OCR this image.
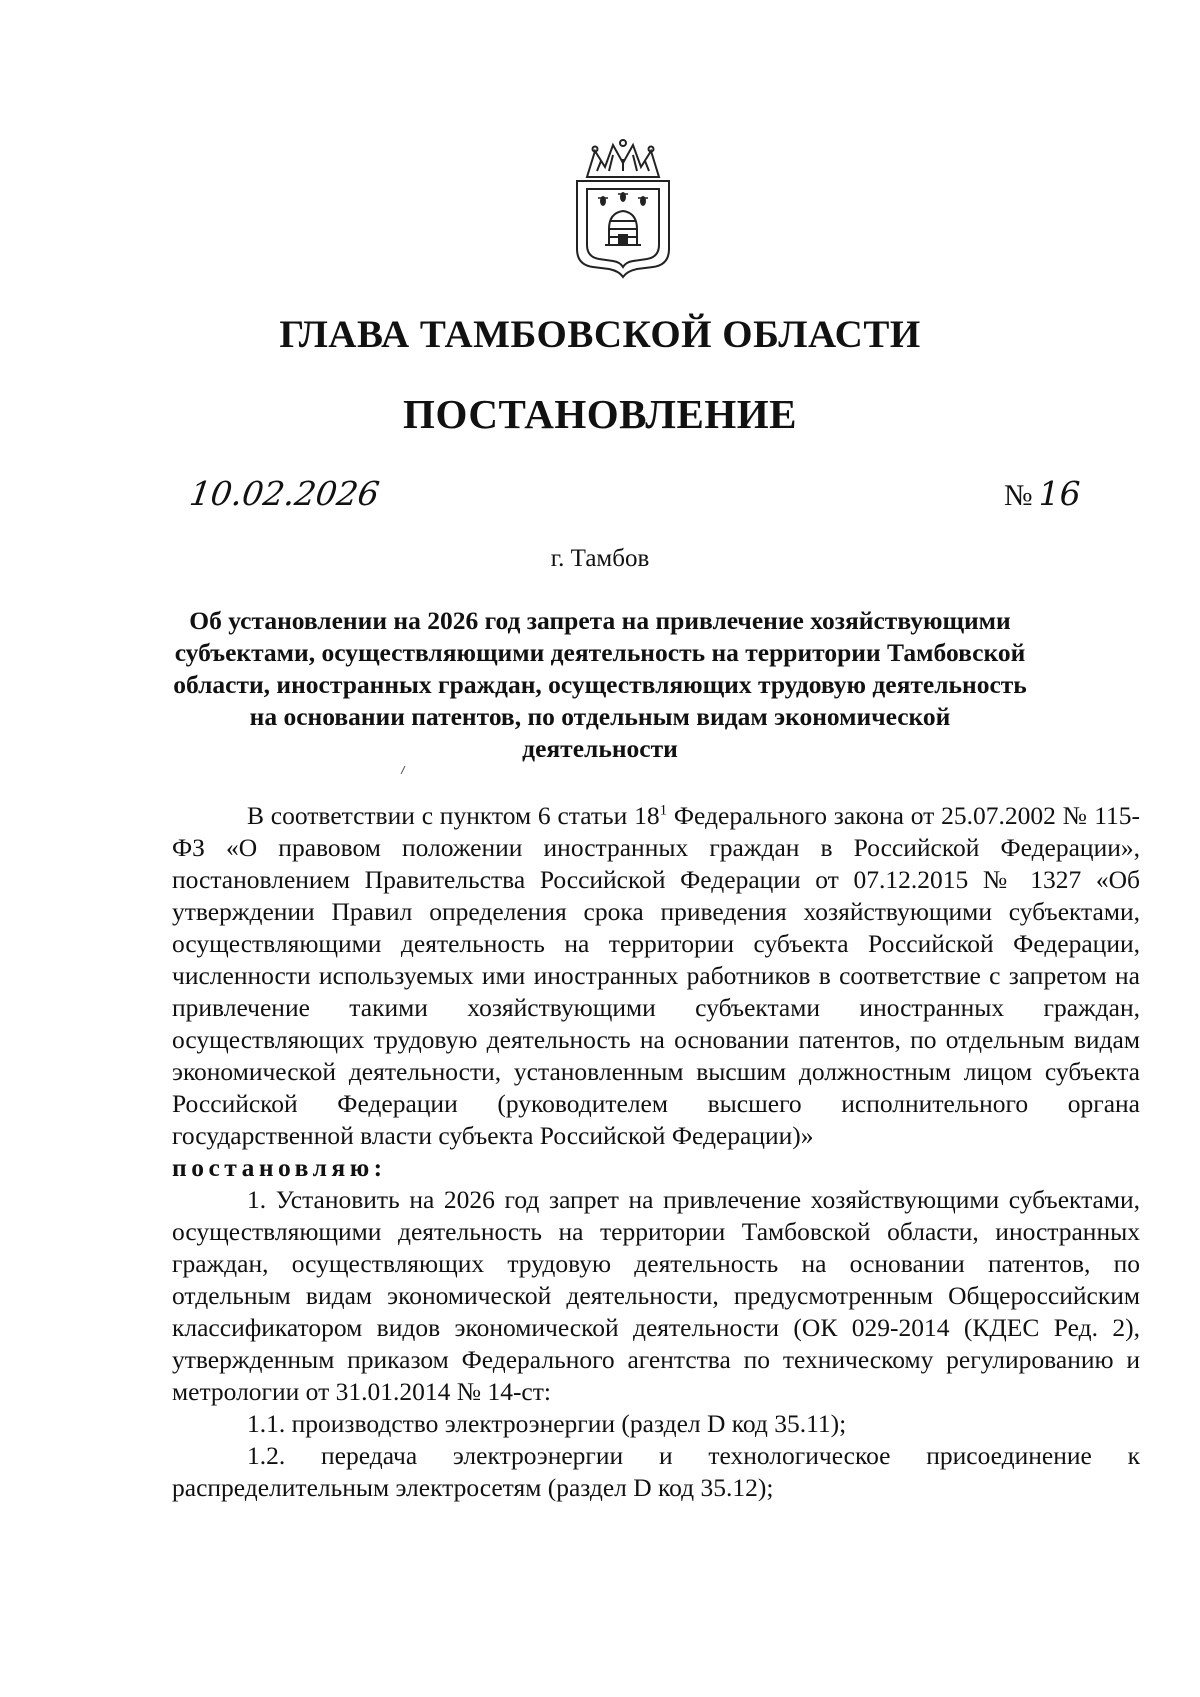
ГЛАВА ТАМБОВСКОЙ ОБЛАСТИ
ПОСТАНОВЛЕНИЕ
10.02.2026	№ 16
г. Тамбов
Об установлении на 2026 год запрета на привлечение хозяйствующими
субъектами, осуществляющими деятельность на территории Тамбовской
области, иностранных граждан, осуществляющих трудовую деятельность
на основании патентов, по отдельным видам экономической деятельности

В соответствии с пунктом 6 статьи $18^1$ Федерального закона от 25.07.2002 № 115-ФЗ «О правовом положении иностранных граждан в Российской Федерации», постановлением Правительства Российской Федерации от 07.12.2015 № 1327 «Об утверждении Правил определения срока приведения хозяйствующими субъектами, осуществляющими деятельность на территории субъекта Российской Федерации, численности используемых ими иностранных работников в соответствие с запретом на привлечение такими хозяйствующими субъектами иностранных граждан, осуществляющих трудовую деятельность на основании патентов, по отдельным видам экономической деятельности, установленным высшим должностным лицом субъекта Российской Федерации (руководителем высшего исполнительного органа государственной власти субъекта Российской Федерации)»

постановляю:

1. Установить на 2026 год запрет на привлечение хозяйствующими субъектами, осуществляющими деятельность на территории Тамбовской области, иностранных граждан, осуществляющих трудовую деятельность на основании патентов, по отдельным видам экономической деятельности, предусмотренным Общероссийским классификатором видов экономической деятельности (ОК 029-2014 (КДЕС Ред. 2), утвержденным приказом Федерального агентства по техническому регулированию и метрологии от 31.01.2014 № 14-ст:

1.1. производство электроэнергии (раздел D код 35.11);

1.2. передача электроэнергии и технологическое присоединение к распределительным электросетям (раздел D код 35.12);
